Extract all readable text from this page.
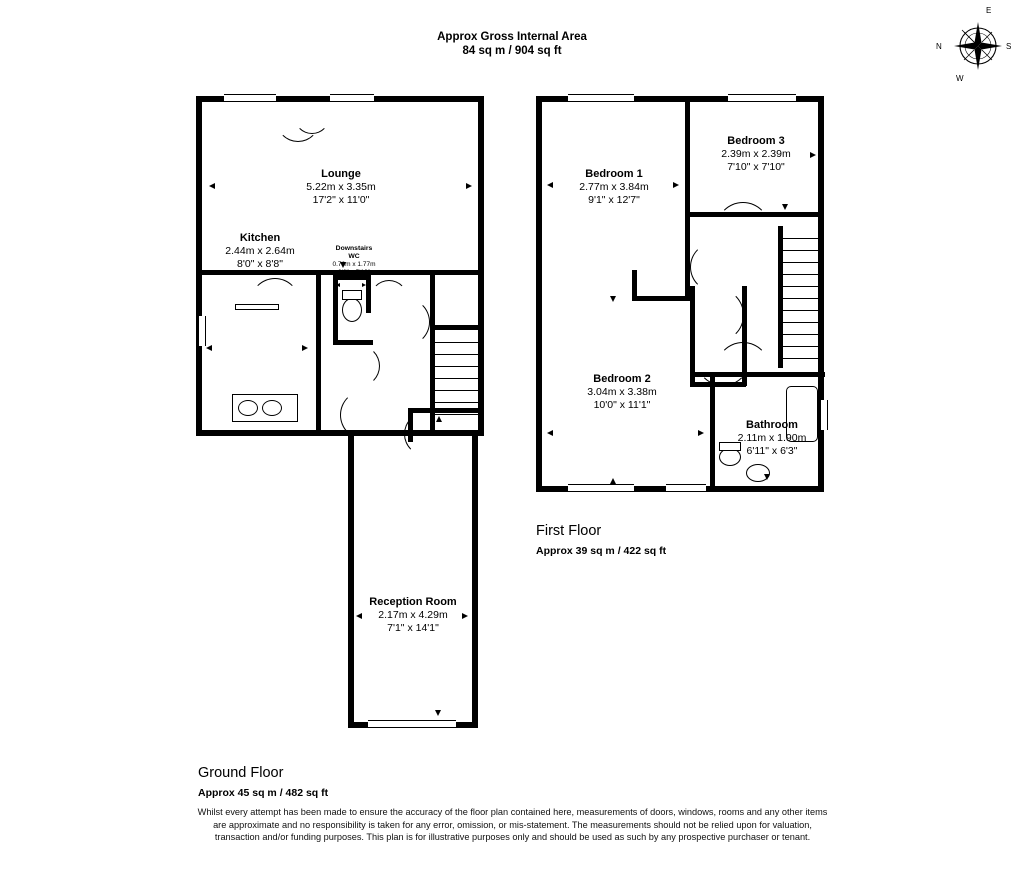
Approx Gross Internal Area
84 sq m / 904 sq ft
E
S
W
N
Lounge
5.22m x 3.35m
17'2" x 11'0"
Kitchen
2.44m x 2.64m
8'0" x 8'8"
Downstairs
WC
0.76m x 1.77m
2'6" x 5'10"
Reception Room
2.17m x 4.29m
7'1" x 14'1"
Bedroom 1
2.77m x 3.84m
9'1" x 12'7"
Bedroom 3
2.39m x 2.39m
7'10" x 7'10"
Bedroom 2
3.04m x 3.38m
10'0" x 11'1"
Bathroom
2.11m x 1.90m
6'11" x 6'3"
First Floor
Approx 39 sq m / 422 sq ft
Ground Floor
Approx 45 sq m / 482 sq ft
Whilst every attempt has been made to ensure the accuracy of the floor plan contained here, measurements of doors, windows, rooms and any other items are approximate and no responsibility is taken for any error, omission, or mis-statement. The measurements should not be relied upon for valuation, transaction and/or funding purposes. This plan is for illustrative purposes only and should be used as such by any prospective purchaser or tenant.
